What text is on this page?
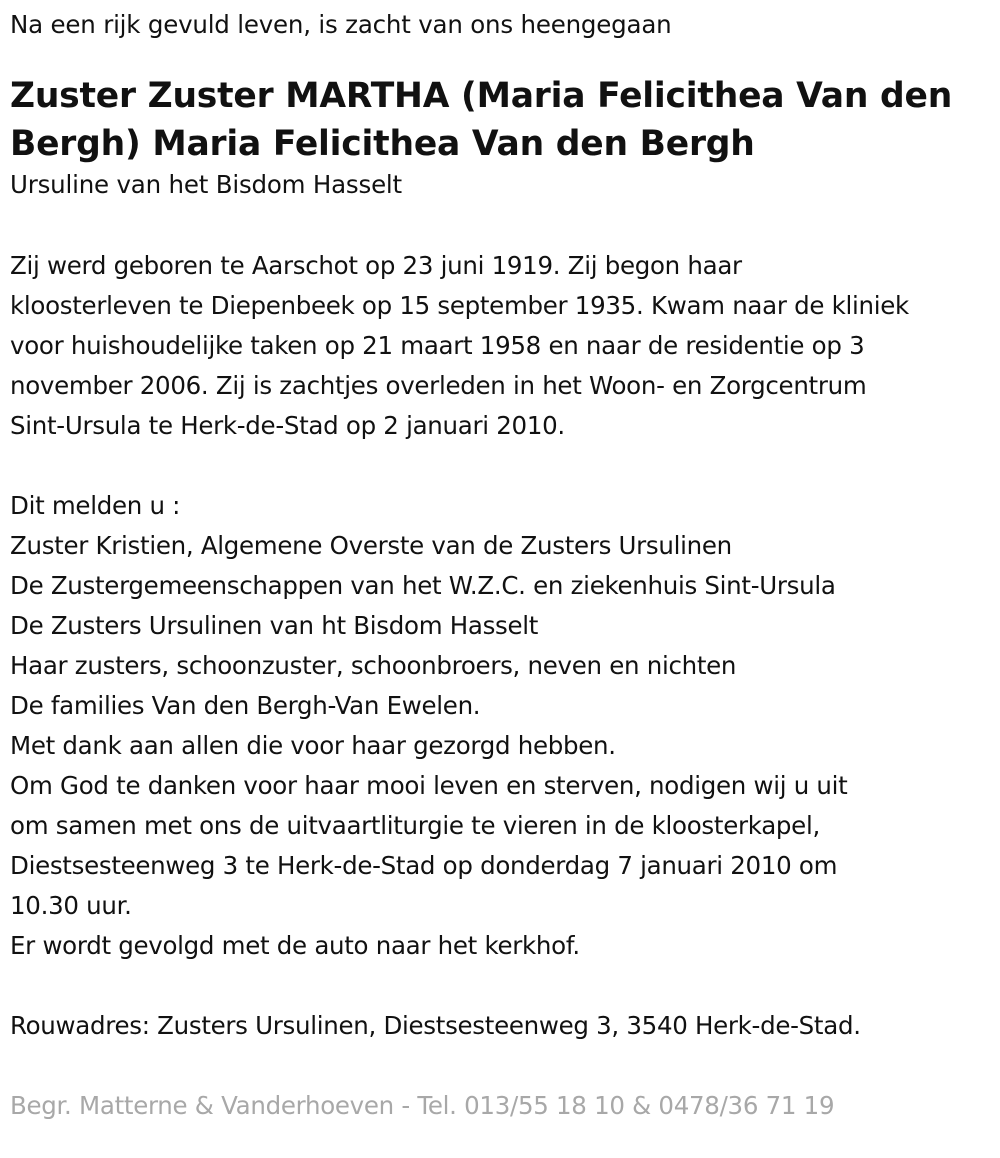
Na een rijk gevuld leven, is zacht van ons heengegaan

Zuster Zuster MARTHA (Maria Felicithea Van den
Bergh) Maria Felicithea Van den Bergh

Ursuline van het Bisdom Hasselt

Zij werd geboren te Aarschot op 23 juni 1919. Zij begon haar
kloosterleven te Diepenbeek op 15 september 1935. Kwam naar de kliniek
voor huishoudelijke taken op 21 maart 1958 en naar de residentie op 3
november 2006. Zij is zachtjes overleden in het Woon- en Zorgcentrum
Sint-Ursula te Herk-de-Stad op 2 januari 2010.
Dit melden u :
Zuster Kristien, Algemene Overste van de Zusters Ursulinen
De Zustergemeenschappen van het W.Z.C. en ziekenhuis Sint-Ursula
De Zusters Ursulinen van ht Bisdom Hasselt
Haar zusters, schoonzuster, schoonbroers, neven en nichten
De families Van den Bergh-Van Ewelen.
Met dank aan allen die voor haar gezorgd hebben.
Om God te danken voor haar mooi leven en sterven, nodigen wij u uit
om samen met ons de uitvaartliturgie te vieren in de kloosterkapel,
Diestsesteenweg 3 te Herk-de-Stad op donderdag 7 januari 2010 om
10.30 uur.
Er wordt gevolgd met de auto naar het kerkhof.
Rouwadres: Zusters Ursulinen, Diestsesteenweg 3, 3540 Herk-de-Stad.
Begr. Matterne & Vanderhoeven - Tel. 013/55 18 10 & 0478/36 71 19
